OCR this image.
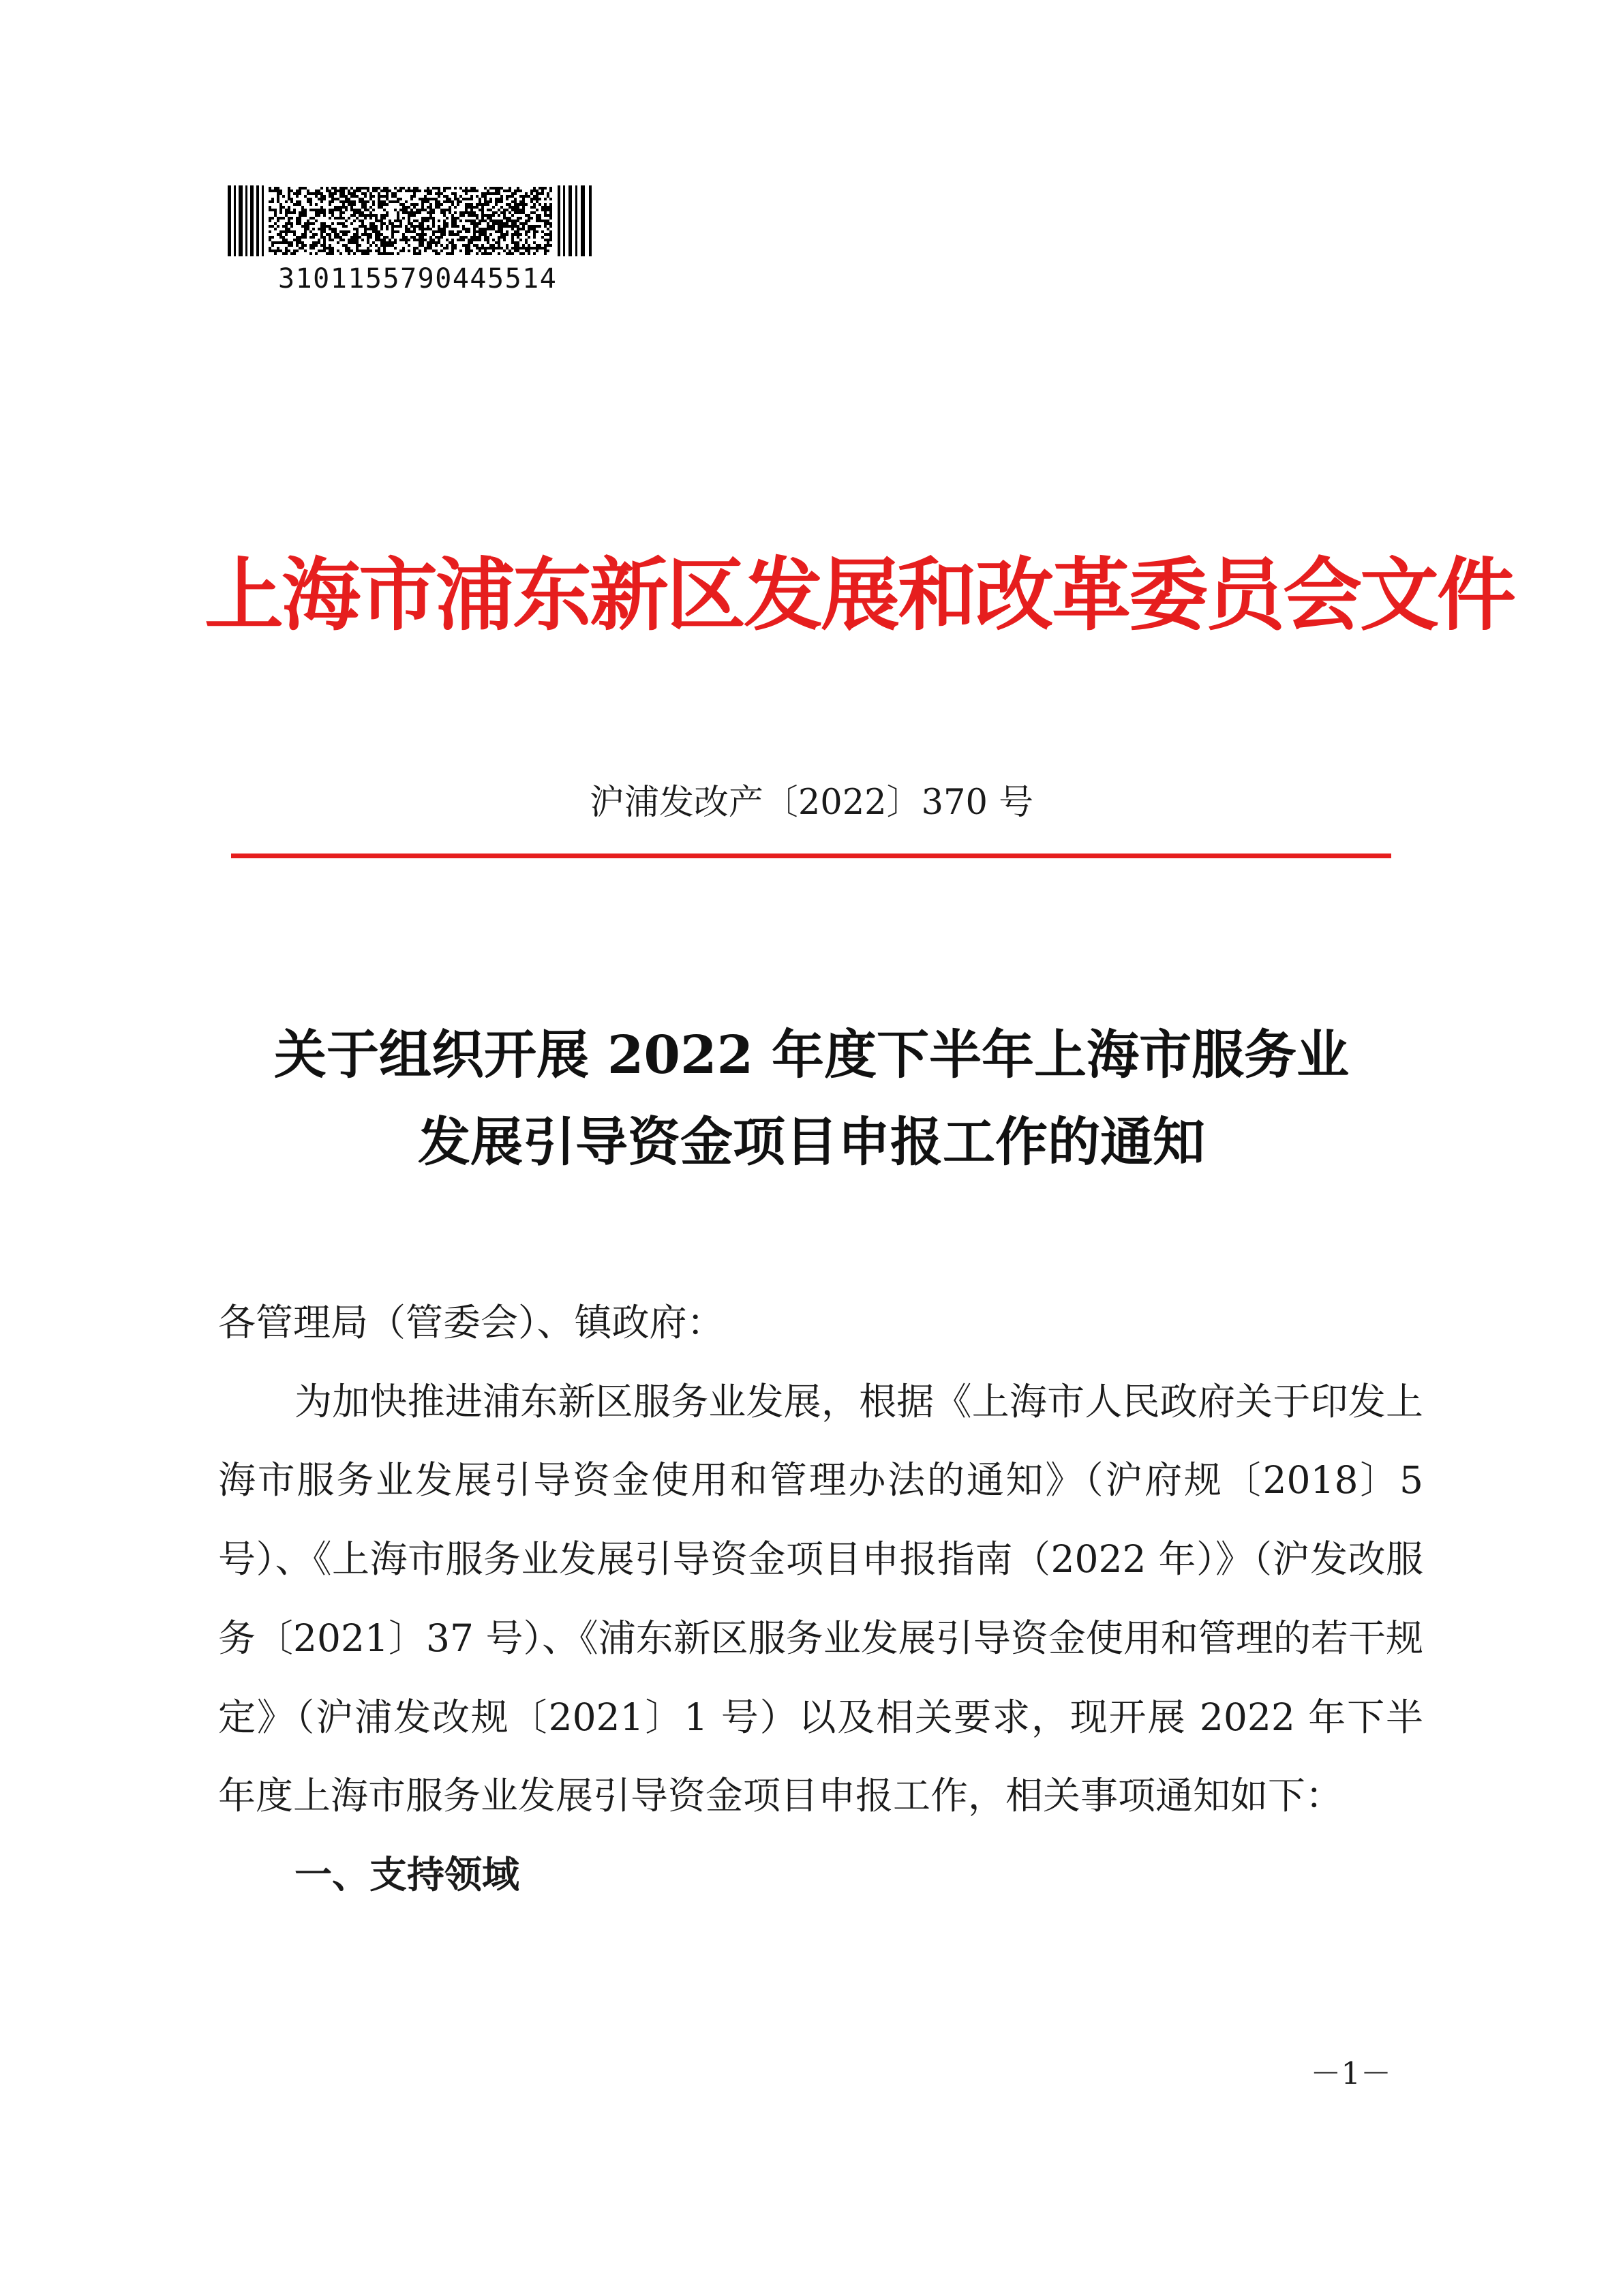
3101155790445514
上海市浦东新区发展和改革委员会文件
沪浦发改产〔2022〕370 号
关于组织开展 2022 年度下半年上海市服务业
发展引导资金项目申报工作的通知

各管理局（管委会）、镇政府：

为加快推进浦东新区服务业发展，根据《上海市人民政府关于印发上海市服务业发展引导资金使用和管理办法的通知》（沪府规〔2018〕5 号）、《上海市服务业发展引导资金项目申报指南（2022 年）》（沪发改服务〔2021〕37 号）、《浦东新区服务业发展引导资金使用和管理的若干规定》（沪浦发改规〔2021〕1 号）以及相关要求，现开展 2022 年下半年度上海市服务业发展引导资金项目申报工作，相关事项通知如下：

一、支持领域

－1－
